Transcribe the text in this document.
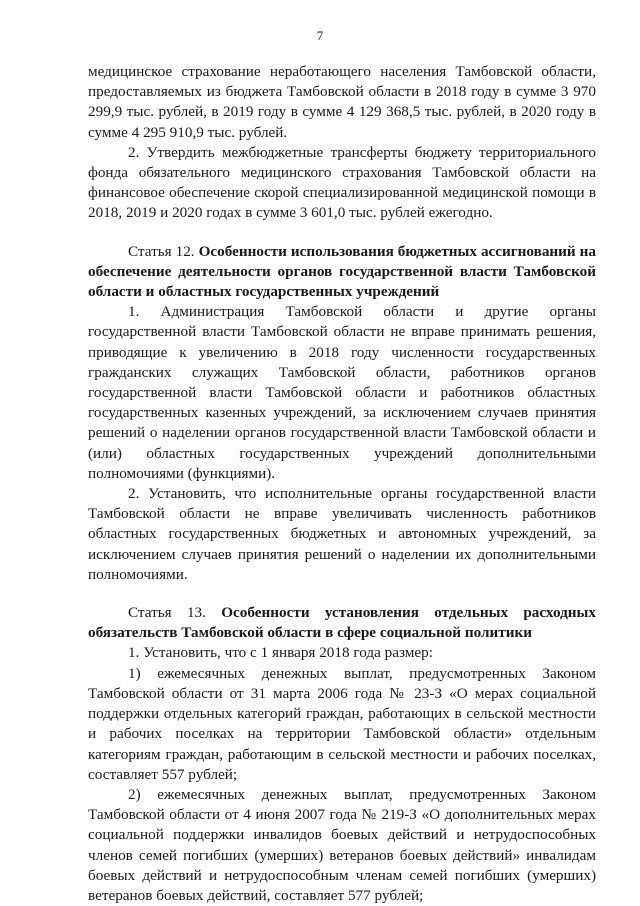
7

медицинское страхование неработающего населения Тамбовской области, предоставляемых из бюджета Тамбовской области в 2018 году в сумме 3 970 299,9 тыс. рублей, в 2019 году в сумме 4 129 368,5 тыс. рублей, в 2020 году в сумме 4 295 910,9 тыс. рублей.

2. Утвердить межбюджетные трансферты бюджету территориального фонда обязательного медицинского страхования Тамбовской области на финансовое обеспечение скорой специализированной медицинской помощи в 2018, 2019 и 2020 годах в сумме 3 601,0 тыс. рублей ежегодно.

Статья 12. Особенности использования бюджетных ассигнований на обеспечение деятельности органов государственной власти Тамбовской области и областных государственных учреждений

1. Администрация Тамбовской области и другие органы государственной власти Тамбовской области не вправе принимать решения, приводящие к увеличению в 2018 году численности государственных гражданских служащих Тамбовской области, работников органов государственной власти Тамбовской области и работников областных государственных казенных учреждений, за исключением случаев принятия решений о наделении органов государственной власти Тамбовской области и (или) областных государственных учреждений дополнительными полномочиями (функциями).

2. Установить, что исполнительные органы государственной власти Тамбовской области не вправе увеличивать численность работников областных государственных бюджетных и автономных учреждений, за исключением случаев принятия решений о наделении их дополнительными полномочиями.

Статья 13. Особенности установления отдельных расходных обязательств Тамбовской области в сфере социальной политики

1. Установить, что с 1 января 2018 года размер:

1) ежемесячных денежных выплат, предусмотренных Законом Тамбовской области от 31 марта 2006 года № 23-З «О мерах социальной поддержки отдельных категорий граждан, работающих в сельской местности и рабочих поселках на территории Тамбовской области» отдельным категориям граждан, работающим в сельской местности и рабочих поселках, составляет 557 рублей;

2) ежемесячных денежных выплат, предусмотренных Законом Тамбовской области от 4 июня 2007 года № 219-З «О дополнительных мерах социальной поддержки инвалидов боевых действий и нетрудоспособных членов семей погибших (умерших) ветеранов боевых действий» инвалидам боевых действий и нетрудоспособным членам семей погибших (умерших) ветеранов боевых действий, составляет 577 рублей;
